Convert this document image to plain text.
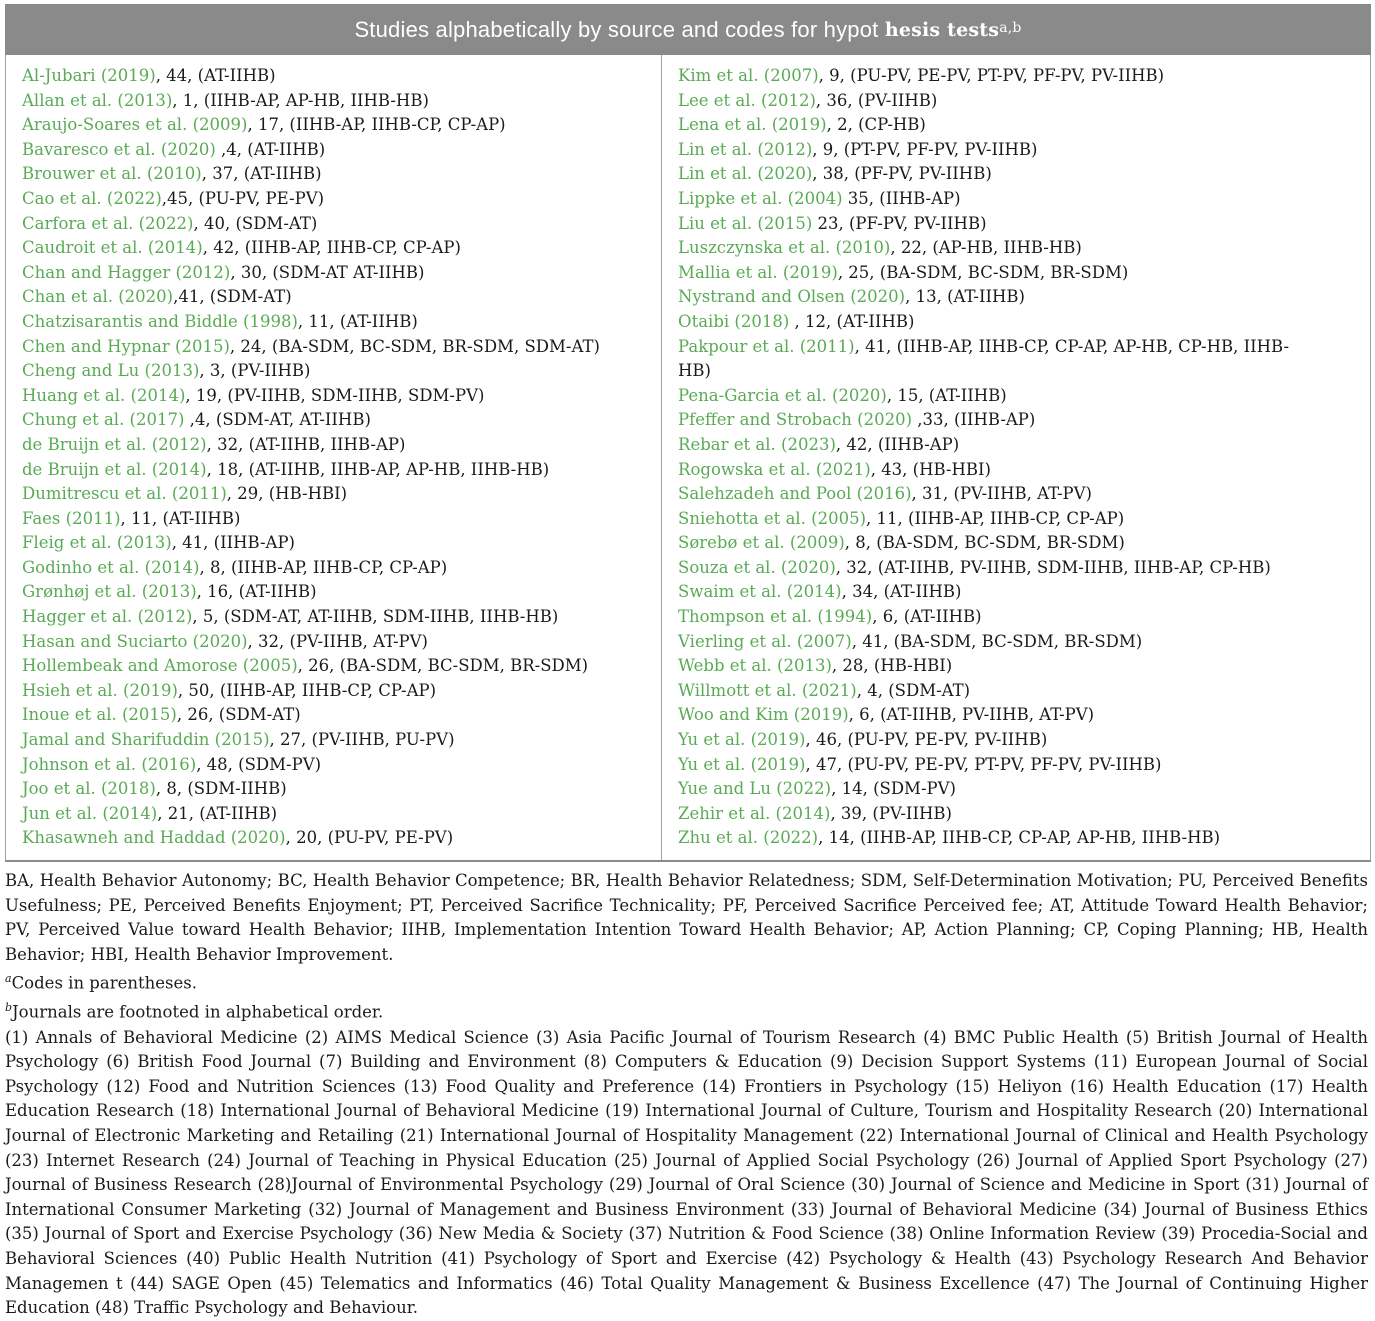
Studies alphabetically by source and codes for hypot
hesis tests$^{a,b}$
Al-Jubari (2019), 44, (AT-IIHB)
Allan et al. (2013), 1, (IIHB-AP, AP-HB, IIHB-HB)
Araujo-Soares et al. (2009), 17, (IIHB-AP, IIHB-CP, CP-AP)
Bavaresco et al. (2020) ,4, (AT-IIHB)
Brouwer et al. (2010), 37, (AT-IIHB)
Cao et al. (2022),45, (PU-PV, PE-PV)
Carfora et al. (2022), 40, (SDM-AT)
Caudroit et al. (2014), 42, (IIHB-AP, IIHB-CP, CP-AP)
Chan and Hagger (2012), 30, (SDM-AT AT-IIHB)
Chan et al. (2020),41, (SDM-AT)
Chatzisarantis and Biddle (1998), 11, (AT-IIHB)
Chen and Hypnar (2015), 24, (BA-SDM, BC-SDM, BR-SDM, SDM-AT)
Cheng and Lu (2013), 3, (PV-IIHB)
Huang et al. (2014), 19, (PV-IIHB, SDM-IIHB, SDM-PV)
Chung et al. (2017) ,4, (SDM-AT, AT-IIHB)
de Bruijn et al. (2012), 32, (AT-IIHB, IIHB-AP)
de Bruijn et al. (2014), 18, (AT-IIHB, IIHB-AP, AP-HB, IIHB-HB)
Dumitrescu et al. (2011), 29, (HB-HBI)
Faes (2011), 11, (AT-IIHB)
Fleig et al. (2013), 41, (IIHB-AP)
Godinho et al. (2014), 8, (IIHB-AP, IIHB-CP, CP-AP)
Grønhøj et al. (2013), 16, (AT-IIHB)
Hagger et al. (2012), 5, (SDM-AT, AT-IIHB, SDM-IIHB, IIHB-HB)
Hasan and Suciarto (2020), 32, (PV-IIHB, AT-PV)
Hollembeak and Amorose (2005), 26, (BA-SDM, BC-SDM, BR-SDM)
Hsieh et al. (2019), 50, (IIHB-AP, IIHB-CP, CP-AP)
Inoue et al. (2015), 26, (SDM-AT)
Jamal and Sharifuddin (2015), 27, (PV-IIHB, PU-PV)
Johnson et al. (2016), 48, (SDM-PV)
Joo et al. (2018), 8, (SDM-IIHB)
Jun et al. (2014), 21, (AT-IIHB)
Khasawneh and Haddad (2020), 20, (PU-PV, PE-PV)
Kim et al. (2007), 9, (PU-PV, PE-PV, PT-PV, PF-PV, PV-IIHB)
Lee et al. (2012), 36, (PV-IIHB)
Lena et al. (2019), 2, (CP-HB)
Lin et al. (2012), 9, (PT-PV, PF-PV, PV-IIHB)
Lin et al. (2020), 38, (PF-PV, PV-IIHB)
Lippke et al. (2004) 35, (IIHB-AP)
Liu et al. (2015) 23, (PF-PV, PV-IIHB)
Luszczynska et al. (2010), 22, (AP-HB, IIHB-HB)
Mallia et al. (2019), 25, (BA-SDM, BC-SDM, BR-SDM)
Nystrand and Olsen (2020), 13, (AT-IIHB)
Otaibi (2018) , 12, (AT-IIHB)
Pakpour et al. (2011), 41, (IIHB-AP, IIHB-CP, CP-AP, AP-HB, CP-HB, IIHB-HB)
Pena-Garcia et al. (2020), 15, (AT-IIHB)
Pfeffer and Strobach (2020) ,33, (IIHB-AP)
Rebar et al. (2023), 42, (IIHB-AP)
Rogowska et al. (2021), 43, (HB-HBI)
Salehzadeh and Pool (2016), 31, (PV-IIHB, AT-PV)
Sniehotta et al. (2005), 11, (IIHB-AP, IIHB-CP, CP-AP)
Sørebø et al. (2009), 8, (BA-SDM, BC-SDM, BR-SDM)
Souza et al. (2020), 32, (AT-IIHB, PV-IIHB, SDM-IIHB, IIHB-AP, CP-HB)
Swaim et al. (2014), 34, (AT-IIHB)
Thompson et al. (1994), 6, (AT-IIHB)
Vierling et al. (2007), 41, (BA-SDM, BC-SDM, BR-SDM)
Webb et al. (2013), 28, (HB-HBI)
Willmott et al. (2021), 4, (SDM-AT)
Woo and Kim (2019), 6, (AT-IIHB, PV-IIHB, AT-PV)
Yu et al. (2019), 46, (PU-PV, PE-PV, PV-IIHB)
Yu et al. (2019), 47, (PU-PV, PE-PV, PT-PV, PF-PV, PV-IIHB)
Yue and Lu (2022), 14, (SDM-PV)
Zehir et al. (2014), 39, (PV-IIHB)
Zhu et al. (2022), 14, (IIHB-AP, IIHB-CP, CP-AP, AP-HB, IIHB-HB)

BA, Health Behavior Autonomy; BC, Health Behavior Competence; BR, Health Behavior Relatedness; SDM, Self-Determination Motivation; PU, Perceived Benefits Usefulness; PE, Perceived Benefits Enjoyment; PT, Perceived Sacrifice Technicality; PF, Perceived Sacrifice Perceived fee; AT, Attitude Toward Health Behavior; PV, Perceived Value toward Health Behavior; IIHB, Implementation Intention Toward Health Behavior; AP, Action Planning; CP, Coping Planning; HB, Health Behavior; HBI, Health Behavior Improvement.

$^a$Codes in parentheses.

$^b$Journals are footnoted in alphabetical order.

(1) Annals of Behavioral Medicine (2) AIMS Medical Science (3) Asia Pacific Journal of Tourism Research (4) BMC Public Health (5) British Journal of Health Psychology (6) British Food Journal (7) Building and Environment (8) Computers & Education (9) Decision Support Systems (11) European Journal of Social Psychology (12) Food and Nutrition Sciences (13) Food Quality and Preference (14) Frontiers in Psychology (15) Heliyon (16) Health Education (17) Health Education Research (18) International Journal of Behavioral Medicine (19) International Journal of Culture, Tourism and Hospitality Research (20) International Journal of Electronic Marketing and Retailing (21) International Journal of Hospitality Management (22) International Journal of Clinical and Health Psychology (23) Internet Research (24) Journal of Teaching in Physical Education (25) Journal of Applied Social Psychology (26) Journal of Applied Sport Psychology (27) Journal of Business Research (28)Journal of Environmental Psychology (29) Journal of Oral Science (30) Journal of Science and Medicine in Sport (31) Journal of International Consumer Marketing (32) Journal of Management and Business Environment (33) Journal of Behavioral Medicine (34) Journal of Business Ethics (35) Journal of Sport and Exercise Psychology (36) New Media & Society (37) Nutrition & Food Science (38) Online Information Review (39) Procedia-Social and Behavioral Sciences (40) Public Health Nutrition (41) Psychology of Sport and Exercise (42) Psychology & Health (43) Psychology Research And Behavior Managemen t (44) SAGE Open (45) Telematics and Informatics (46) Total Quality Management & Business Excellence (47) The Journal of Continuing Higher Education (48) Traffic Psychology and Behaviour.
